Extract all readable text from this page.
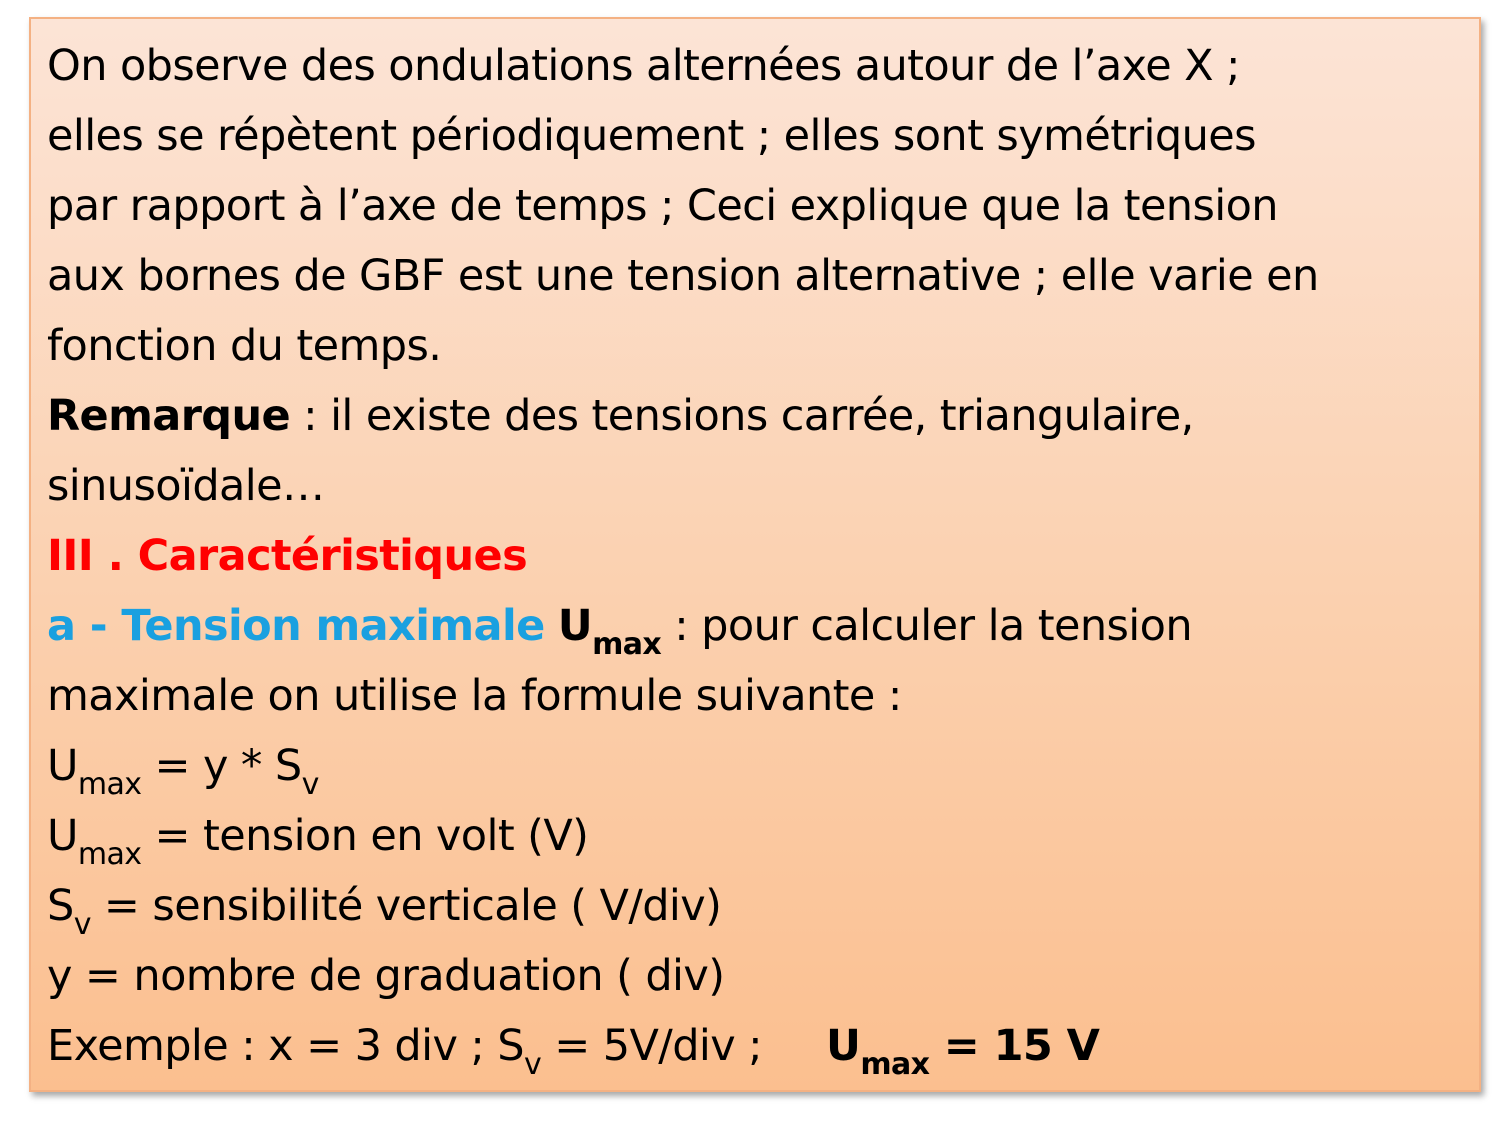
On observe des ondulations alternées autour de l’axe X ;
elles se répètent périodiquement ; elles sont symétriques
par rapport à l’axe de temps ; Ceci explique que la tension
aux bornes de GBF est une tension alternative ; elle varie en
fonction du temps.
Remarque : il existe des tensions carrée, triangulaire,
sinusoïdale…
III . Caractéristiques
a - Tension maximale $U_{max}$ : pour calculer la tension
maximale on utilise la formule suivante :
$U_{max} = y * S_v$
$U_{max}$ = tension en volt (V)
$S_v$ = sensibilité verticale ( V/div)
y = nombre de graduation ( div)
Exemple : x = 3 div ; $S_v = 5V/div$ ; $U_{max} = 15$ V
